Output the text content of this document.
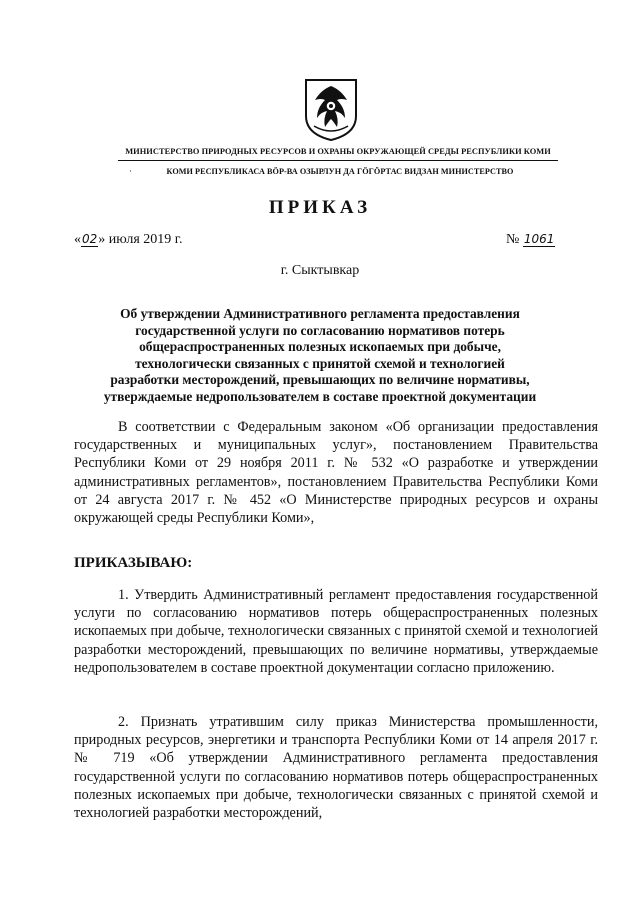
МИНИСТЕРСТВО ПРИРОДНЫХ РЕСУРСОВ И ОХРАНЫ ОКРУЖАЮЩЕЙ СРЕДЫ РЕСПУБЛИКИ КОМИ
·	КОМИ РЕСПУБЛИКАСА ВӦР-ВА ОЗЫРЛУН ДА ГӦГӦРТАС ВИДЗАН МИНИСТЕРСТВО
ПРИКАЗ
«02» июля 2019 г.	№ 1061
г. Сыктывкар
Об утверждении Административного регламента предоставления государственной услуги по согласованию нормативов потерь общераспространенных полезных ископаемых при добыче, технологически связанных с принятой схемой и технологией разработки месторождений, превышающих по величине нормативы, утверждаемые недропользователем в составе проектной документации
В соответствии с Федеральным законом «Об организации предоставления государственных и муниципальных услуг», постановлением Правительства Республики Коми от 29 ноября 2011 г. № 532 «О разработке и утверждении административных регламентов», постановлением Правительства Республики Коми от 24 августа 2017 г. № 452 «О Министерстве природных ресурсов и охраны окружающей среды Республики Коми»,
ПРИКАЗЫВАЮ:
1. Утвердить Административный регламент предоставления государственной услуги по согласованию нормативов потерь общераспространенных полезных ископаемых при добыче, технологически связанных с принятой схемой и технологией разработки месторождений, превышающих по величине нормативы, утверждаемые недропользователем в составе проектной документации согласно приложению.
2. Признать утратившим силу приказ Министерства промышленности, природных ресурсов, энергетики и транспорта Республики Коми от 14 апреля 2017 г. № 719 «Об утверждении Административного регламента предоставления государственной услуги по согласованию нормативов потерь общераспространенных полезных ископаемых при добыче, технологически связанных с принятой схемой и технологией разработки месторождений,
